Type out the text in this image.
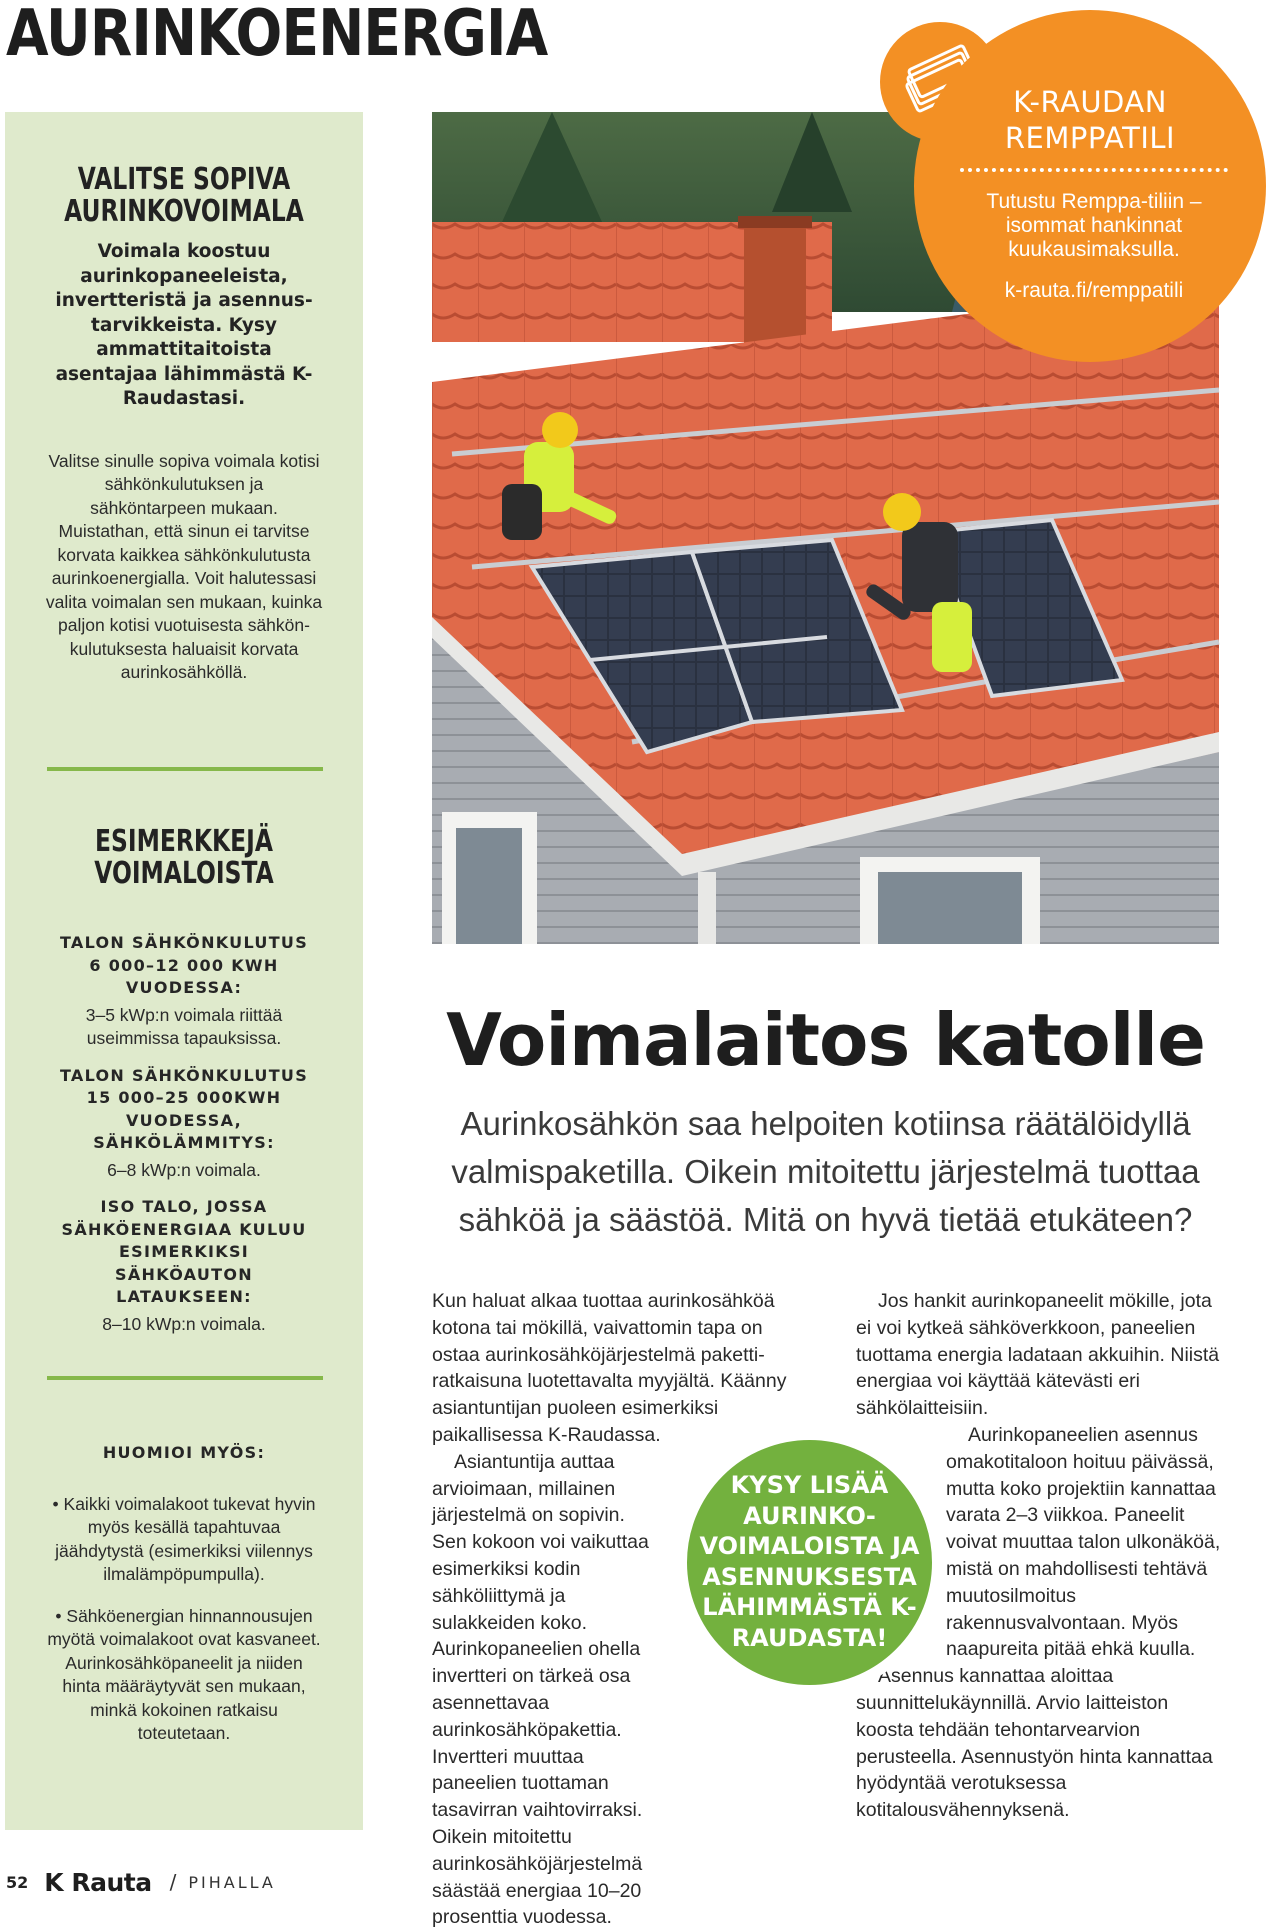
AURINKOENERGIA
VALITSE SOPIVA
AURINKOVOIMALA
Voimala koostuu aurinkopaneeleista, invertteristä ja asennustarvikkeista. Kysy ammattitaitoista asentajaa lähimmästä K-Raudastasi.
Valitse sinulle sopiva voimala kotisi sähkönkulutuksen ja sähköntarpeen mukaan. Muistathan, että sinun ei tarvitse korvata kaikkea sähkönkulutusta aurinkoenergialla. Voit halutessasi valita voimalan sen mukaan, kuinka paljon kotisi vuotuisesta sähkönkulutuksesta haluaisit korvata aurinkosähköllä.
ESIMERKKEJÄ
VOIMALOISTA
TALON SÄHKÖNKULUTUS 6 000–12 000 KWH VUODESSA:
3–5 kWp:n voimala riittää useimmissa tapauksissa.
TALON SÄHKÖNKULUTUS 15 000–25 000KWH VUODESSA, SÄHKÖLÄMMITYS:
6–8 kWp:n voimala.
ISO TALO, JOSSA SÄHKÖENERGIAA KULUU ESIMERKIKSI SÄHKÖAUTON LATAUKSEEN:
8–10 kWp:n voimala.
HUOMIOI MYÖS:
• Kaikki voimalakoot tukevat hyvin myös kesällä tapahtuvaa jäähdytystä (esimerkiksi viilennys ilmalämpöpumpulla).
• Sähköenergian hinnannousujen myötä voimalakoot ovat kasvaneet. Aurinkosähköpaneelit ja niiden hinta määräytyvät sen mukaan, minkä kokoinen ratkaisu toteutetaan.
K-RAUDAN
REMPPATILI
Tutustu Remppa-tiliin – isommat hankinnat kuukausimaksulla.
k-rauta.fi/remppatili
Voimalaitos katolle
Aurinkosähkön saa helpoiten kotiinsa räätälöidyllä valmispaketilla. Oikein mitoitettu järjestelmä tuottaa sähköä ja säästöä. Mitä on hyvä tietää etukäteen?

Kun haluat alkaa tuottaa aurinkosähköä kotona tai mökillä, vaivattomin tapa on ostaa aurinkosähköjärjestelmä pakettiratkaisuna luotettavalta myyjältä. Käänny asiantuntijan puoleen esimerkiksi paikallisessa K-Raudassa.

Asiantuntija auttaa arvioimaan, millainen järjestelmä on sopivin. Sen kokoon voi vaikuttaa esimerkiksi kodin sähköliittymä ja sulakkeiden koko. Aurinkopaneelien ohella invertteri on tärkeä osa asennettavaa aurinkosähköpakettia. Invertteri muuttaa paneelien tuottaman tasavirran vaihtovirraksi. Oikein mitoitettu aurinkosähköjärjestelmä säästää energiaa 10–20 prosenttia vuodessa.

Jos hankit aurinkopaneelit mökille, jota ei voi kytkeä sähköverkkoon, paneelien tuottama energia ladataan akkuihin. Niistä energiaa voi käyttää kätevästi eri sähkölaitteisiin.

Aurinkopaneelien asennus omakotitaloon hoituu päivässä, mutta koko projektiin kannattaa varata 2–3 viikkoa. Paneelit voivat muuttaa talon ulkonäköä, mistä on mahdollisesti tehtävä muutosilmoitus rakennusvalvontaan. Myös naapureita pitää ehkä kuulla.

Asennus kannattaa aloittaa suunnittelukäynnillä. Arvio laitteiston koosta tehdään tehontarvearvion perusteella. Asennustyön hinta kannattaa hyödyntää verotuksessa kotitalousvähennyksenä.

KYSY LISÄÄ AURINKOVOIMALOISTA JA ASENNUKSESTA LÄHIMMÄSTÄ K-RAUDASTA!
52 K Rauta / PIHALLA
